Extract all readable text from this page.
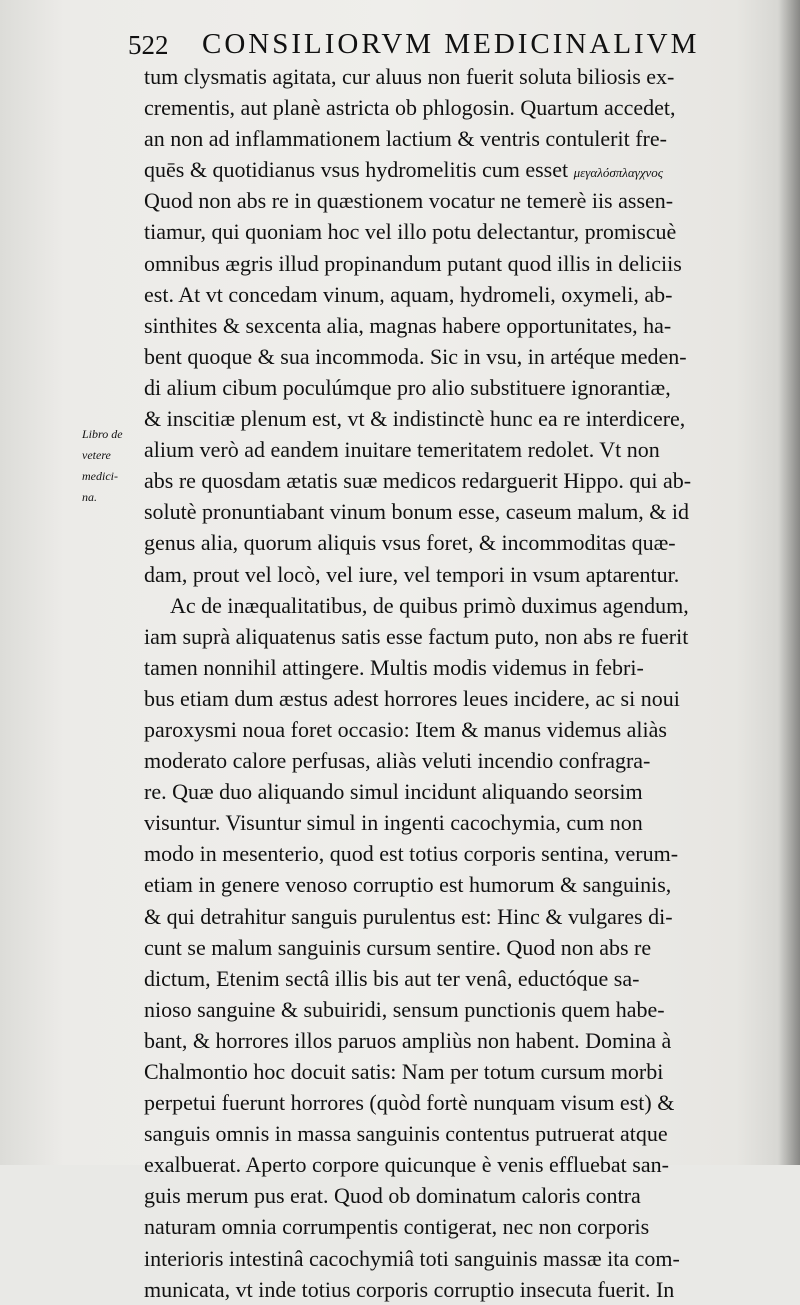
522 CONSILIORVM MEDICINALIVM
Libro de
vetere
medici-
na.
tum clysmatis agitata, cur aluus non fuerit soluta biliosis ex-
crementis, aut planè astricta ob phlogosin. Quartum accedet,
an non ad inflammationem lactium & ventris contulerit fre-
quēs & quotidianus vsus hydromelitis cum esset μεγαλόσπλαγχνος
Quod non abs re in quæstionem vocatur ne temerè iis assen-
tiamur, qui quoniam hoc vel illo potu delectantur, promiscuè
omnibus ægris illud propinandum putant quod illis in deliciis
est. At vt concedam vinum, aquam, hydromeli, oxymeli, ab-
sinthites & sexcenta alia, magnas habere opportunitates, ha-
bent quoque & sua incommoda. Sic in vsu, in artéque meden-
di alium cibum poculúmque pro alio substituere ignorantiæ,
& inscitiæ plenum est, vt & indistinctè hunc ea re interdicere,
alium verò ad eandem inuitare temeritatem redolet. Vt non
abs re quosdam ætatis suæ medicos redarguerit Hippo. qui ab-
solutè pronuntiabant vinum bonum esse, caseum malum, & id
genus alia, quorum aliquis vsus foret, & incommoditas quæ-
dam, prout vel locò, vel iure, vel tempori in vsum aptarentur.
Ac de inæqualitatibus, de quibus primò duximus agendum,
iam suprà aliquatenus satis esse factum puto, non abs re fuerit
tamen nonnihil attingere. Multis modis videmus in febri-
bus etiam dum æstus adest horrores leues incidere, ac si noui
paroxysmi noua foret occasio: Item & manus videmus aliàs
moderato calore perfusas, aliàs veluti incendio confragra-
re. Quæ duo aliquando simul incidunt aliquando seorsim
visuntur. Visuntur simul in ingenti cacochymia, cum non
modo in mesenterio, quod est totius corporis sentina, verum-
etiam in genere venoso corruptio est humorum & sanguinis,
& qui detrahitur sanguis purulentus est: Hinc & vulgares di-
cunt se malum sanguinis cursum sentire. Quod non abs re
dictum, Etenim sectâ illis bis aut ter venâ, eductóque sa-
nioso sanguine & subuiridi, sensum punctionis quem habe-
bant, & horrores illos paruos ampliùs non habent. Domina à
Chalmontio hoc docuit satis: Nam per totum cursum morbi
perpetui fuerunt horrores (quòd fortè nunquam visum est) &
sanguis omnis in massa sanguinis contentus putruerat atque
exalbuerat. Aperto corpore quicunque è venis effluebat san-
guis merum pus erat. Quod ob dominatum caloris contra
naturam omnia corrumpentis contigerat, nec non corporis
interioris intestinâ cacochymiâ toti sanguinis massæ ita com-
municata, vt inde totius corporis corruptio insecuta fuerit. In
